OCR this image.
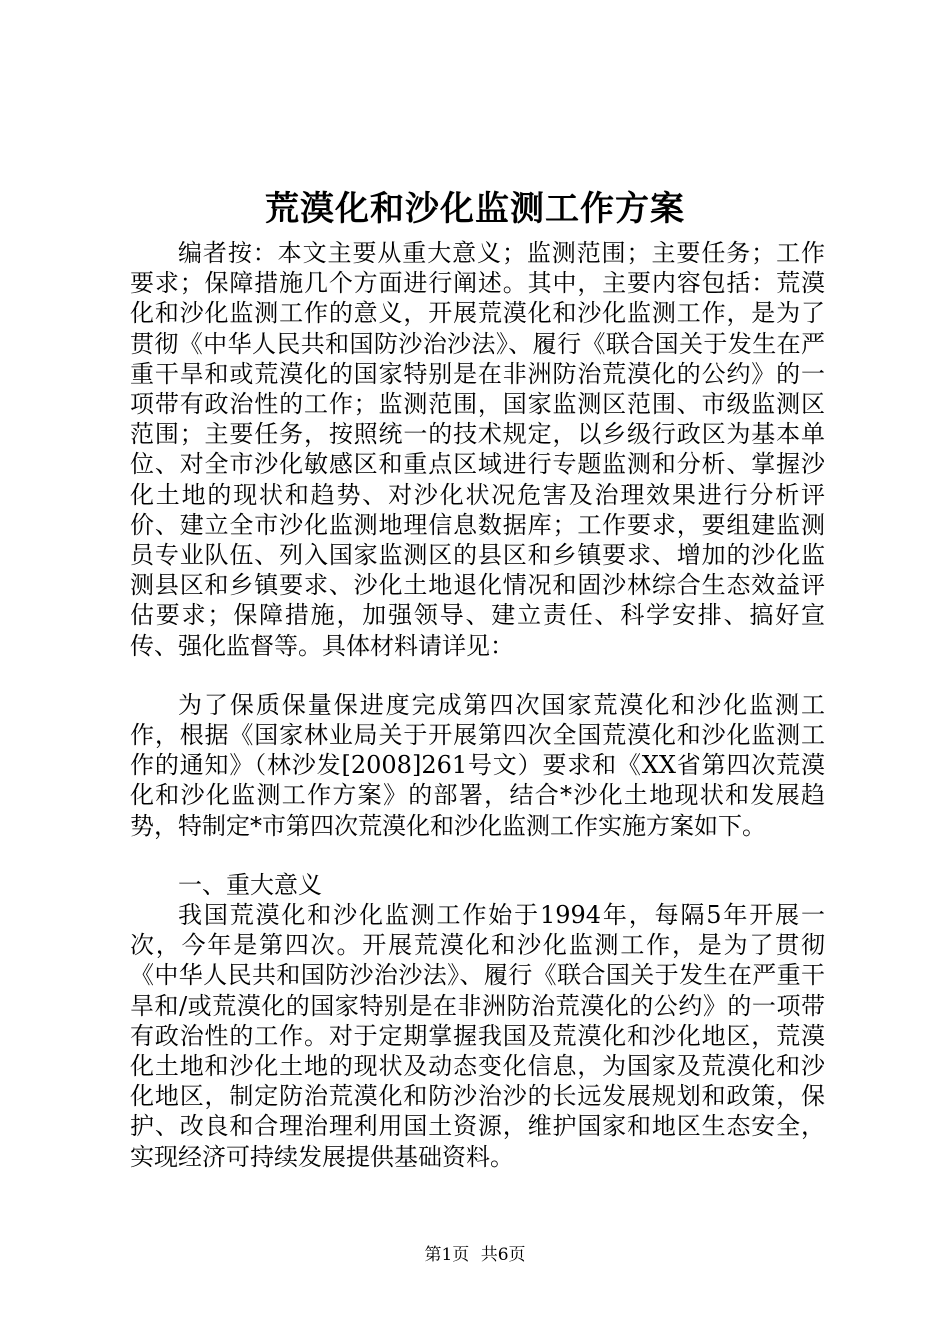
荒漠化和沙化监测工作方案

编者按：本文主要从重大意义；监测范围；主要任务；工作要求；保障措施几个方面进行阐述。其中，主要内容包括：荒漠化和沙化监测工作的意义，开展荒漠化和沙化监测工作，是为了贯彻《中华人民共和国防沙治沙法》、履行《联合国关于发生在严重干旱和或荒漠化的国家特别是在非洲防治荒漠化的公约》的一项带有政治性的工作；监测范围，国家监测区范围、市级监测区范围；主要任务，按照统一的技术规定，以乡级行政区为基本单位、对全市沙化敏感区和重点区域进行专题监测和分析、掌握沙化土地的现状和趋势、对沙化状况危害及治理效果进行分析评价、建立全市沙化监测地理信息数据库；工作要求，要组建监测员专业队伍、列入国家监测区的县区和乡镇要求、增加的沙化监测县区和乡镇要求、沙化土地退化情况和固沙林综合生态效益评估要求；保障措施，加强领导、建立责任、科学安排、搞好宣传、强化监督等。具体材料请详见：

为了保质保量保进度完成第四次国家荒漠化和沙化监测工作，根据《国家林业局关于开展第四次全国荒漠化和沙化监测工作的通知》（林沙发[2008]261号文）要求和《XX省第四次荒漠化和沙化监测工作方案》的部署，结合*沙化土地现状和发展趋势，特制定*市第四次荒漠化和沙化监测工作实施方案如下。

一、重大意义

我国荒漠化和沙化监测工作始于1994年，每隔5年开展一次，今年是第四次。开展荒漠化和沙化监测工作，是为了贯彻《中华人民共和国防沙治沙法》、履行《联合国关于发生在严重干旱和/或荒漠化的国家特别是在非洲防治荒漠化的公约》的一项带有政治性的工作。对于定期掌握我国及荒漠化和沙化地区，荒漠化土地和沙化土地的现状及动态变化信息，为国家及荒漠化和沙化地区，制定防治荒漠化和防沙治沙的长远发展规划和政策，保护、改良和合理治理利用国土资源，维护国家和地区生态安全，实现经济可持续发展提供基础资料。

第1页 共6页
